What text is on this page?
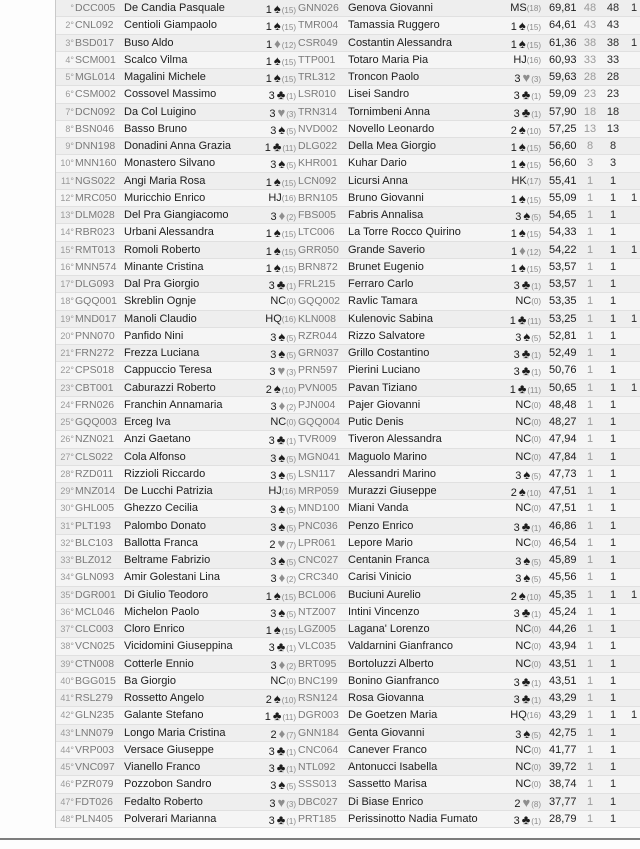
° DCC005 De Candia Pasquale	1 ♠(15) GNN026 Genova Giovanni	MS(18) 69,81 48 48 1
2° CNL092 Centioli Giampaolo	1 ♠(15) TMR004 Tamassia Ruggero	1 ♠(15) 64,61 43 43
3° BSD017 Buso Aldo	1 ♦(12) CSR049 Costantin Alessandra	1 ♠(15) 61,36 38 38 1
4° SCM001 Scalco Vilma	1 ♠(15) TTP001 Totaro Maria Pia	HJ(16) 60,93 33 33
5° MGL014 Magalini Michele	1 ♠(15) TRL312 Troncon Paolo	3 ♥(3) 59,63 28 28
6° CSM002 Cossovel Massimo	3 ♣(1) LSR010 Lisei Sandro	3 ♣(1) 59,09 23 23
7° DCN092 Da Col Luigino	3 ♥(3) TRN314 Tornimbeni Anna	3 ♣(1) 57,90 18 18
8° BSN046 Basso Bruno	3 ♠(5) NVD002 Novello Leonardo	2 ♠(10) 57,25 13 13
9° DNN198 Donadini Anna Grazia	1 ♣(11) DLG022 Della Mea Giorgio	1 ♠(15) 56,60 8	8
10° MNN160 Monastero Silvano	3 ♠(5) KHR001 Kuhar Dario	1 ♠(15) 56,60 3	3
11° NGS022 Angi Maria Rosa	1 ♠(15) LCN092 Licursi Anna	HK(17) 55,41 1	1
12° MRC050 Muricchio Enrico	HJ(16) BRN105 Bruno Giovanni	1 ♠(15) 55,09 1	1	1
13° DLM028 Del Pra Giangiacomo	3 ♦(2) FBS005 Fabris Annalisa	3 ♠(5) 54,65 1	1
14° RBR023 Urbani Alessandra	1 ♠(15) LTC006 La Torre Rocco Quirino	1 ♠(15) 54,33 1	1
15° RMT013 Romoli Roberto	1 ♠(15) GRR050 Grande Saverio	1 ♦(12) 54,22 1	1	1
16° MNN574 Minante Cristina	1 ♠(15) BRN872 Brunet Eugenio	1 ♠(15) 53,57 1	1
17° DLG093 Dal Pra Giorgio	3 ♣(1) FRL215 Ferraro Carlo	3 ♣(1) 53,57 1	1
18° GQQ001 Skreblin Ognje	NC(0) GQQ002 Ravlic Tamara	NC(0) 53,35 1	1
19° MND017 Manoli Claudio	HQ(16) KLN008 Kulenovic Sabina	1 ♣(11) 53,25 1	1	1
20° PNN070 Panfido Nini	3 ♠(5) RZR044 Rizzo Salvatore	3 ♠(5) 52,81 1	1
21° FRN272 Frezza Luciana	3 ♠(5) GRN037 Grillo Costantino	3 ♣(1) 52,49 1	1
22° CPS018 Cappuccio Teresa	3 ♥(3) PRN597 Pierini Luciano	3 ♣(1) 50,76 1	1
23° CBT001 Caburazzi Roberto	2 ♠(10) PVN005 Pavan Tiziano	1 ♣(11) 50,65 1	1	1
24° FRN026 Franchin Annamaria	3 ♦(2) PJN004 Pajer Giovanni	NC(0) 48,48 1	1
25° GQQ003 Erceg Iva	NC(0) GQQ004 Putic Denis	NC(0) 48,27 1	1
26° NZN021 Anzi Gaetano	3 ♣(1) TVR009 Tiveron Alessandra	NC(0) 47,94 1	1
27° CLS022 Cola Alfonso	3 ♠(5) MGN041 Maguolo Marino	NC(0) 47,84 1	1
28° RZD011 Rizzioli Riccardo	3 ♠(5) LSN117 Alessandri Marino	3 ♠(5) 47,73 1	1
29° MNZ014 De Lucchi Patrizia	HJ(16) MRP059 Murazzi Giuseppe	2 ♠(10) 47,51 1	1
30° GHL005 Ghezzo Cecilia	3 ♠(5) MND100 Miani Vanda	NC(0) 47,51 1	1
31° PLT193 Palombo Donato	3 ♠(5) PNC036 Penzo Enrico	3 ♣(1) 46,86 1	1
32° BLC103 Ballotta Franca	2 ♥(7) LPR061 Lepore Mario	NC(0) 46,54 1	1
33° BLZ012 Beltrame Fabrizio	3 ♠(5) CNC027 Centanin Franca	3 ♠(5) 45,89 1	1
34° GLN093 Amir Golestani Lina	3 ♦(2) CRC340 Carisi Vinicio	3 ♠(5) 45,56 1	1
35° DGR001 Di Giulio Teodoro	1 ♠(15) BCL006 Buciuni Aurelio	2 ♠(10) 45,35 1	1	1
36° MCL046 Michelon Paolo	3 ♠(5) NTZ007 Intini Vincenzo	3 ♣(1) 45,24 1	1
37° CLC003 Cloro Enrico	1 ♠(15) LGZ005 Lagana' Lorenzo	NC(0) 44,26 1	1
38° VCN025 Vicidomini Giuseppina	3 ♣(1) VLC035 Valdarnini Gianfranco	NC(0) 43,94 1	1
39° CTN008 Cotterle Ennio	3 ♦(2) BRT095 Bortoluzzi Alberto	NC(0) 43,51 1	1
40° BGG015 Ba Giorgio	NC(0) BNC199 Bonino Gianfranco	3 ♣(1) 43,51 1	1
41° RSL279 Rossetto Angelo	2 ♠(10) RSN124 Rosa Giovanna	3 ♣(1) 43,29 1	1
42° GLN235 Galante Stefano	1 ♣(11) DGR003 De Goetzen Maria	HQ(16) 43,29 1	1	1
43° LNN079 Longo Maria Cristina	2 ♦(7) GNN184 Genta Giovanni	3 ♠(5) 42,75 1	1
44° VRP003 Versace Giuseppe	3 ♣(1) CNC064 Canever Franco	NC(0) 41,77 1	1
45° VNC097 Vianello Franco	3 ♣(1) NTL092 Antonucci Isabella	NC(0) 39,72 1	1
46° PZR079 Pozzobon Sandro	3 ♠(5) SSS013 Sassetto Marisa	NC(0) 38,74 1	1
47° FDT026 Fedalto Roberto	3 ♥(3) DBC027 Di Biase Enrico	2 ♥(8) 37,77 1	1
48° PLN405 Polverari Marianna	3 ♣(1) PRT185 Perissinotto Nadia Fumato	3 ♣(1) 28,79 1	1
